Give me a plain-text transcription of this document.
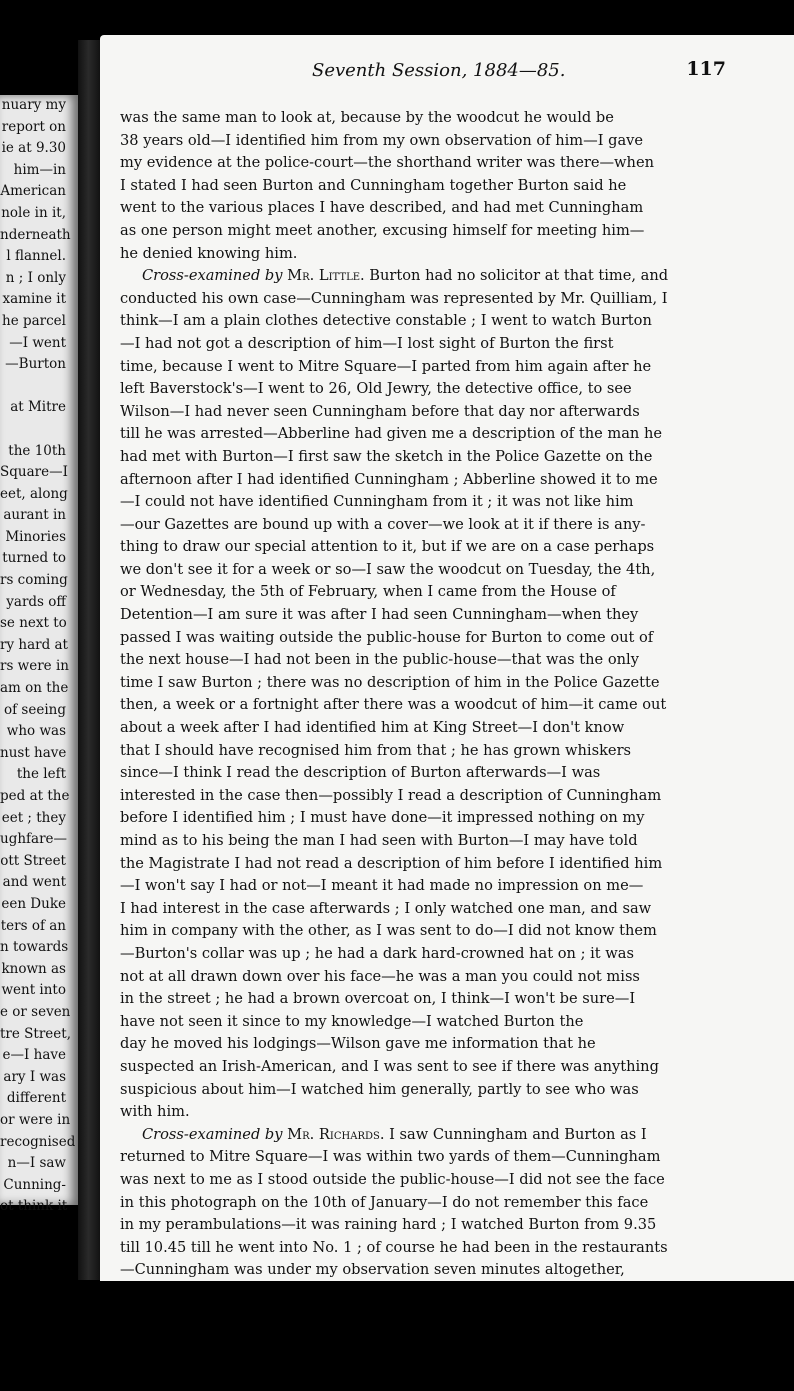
nuary my
report on
ie at 9.30
him—in
American
nole in it,
nderneath
l flannel.
n ; I only
xamine it
he parcel
—I went
—Burton
at Mitre
the 10th
Square—I
eet, along
aurant in
Minories
turned to
rs coming
yards off
se next to
ry hard at
rs were in
am on the
of seeing
who was
nust have
the left
ped at the
eet ; they
ughfare—
ott Street
and went
een Duke
ters of an
n towards
known as
went into
e or seven
tre Street,
e—I have
ary I was
different
or were in
recognised
n—I saw
Cunning-
ot think it
Seventh Session, 1884—85.	117

was the same man to look at, because by the woodcut he would be
38 years old—I identified him from my own observation of him—I gave
my evidence at the police-court—the shorthand writer was there—when
I stated I had seen Burton and Cunningham together Burton said he
went to the various places I have described, and had met Cunningham
as one person might meet another, excusing himself for meeting him—
he denied knowing him.

Cross-examined by Mr. Little. Burton had no solicitor at that time, and
conducted his own case—Cunningham was represented by Mr. Quilliam, I
think—I am a plain clothes detective constable ; I went to watch Burton
—I had not got a description of him—I lost sight of Burton the first
time, because I went to Mitre Square—I parted from him again after he
left Baverstock's—I went to 26, Old Jewry, the detective office, to see
Wilson—I had never seen Cunningham before that day nor afterwards
till he was arrested—Abberline had given me a description of the man he
had met with Burton—I first saw the sketch in the Police Gazette on the
afternoon after I had identified Cunningham ; Abberline showed it to me
—I could not have identified Cunningham from it ; it was not like him
—our Gazettes are bound up with a cover—we look at it if there is any-
thing to draw our special attention to it, but if we are on a case perhaps
we don't see it for a week or so—I saw the woodcut on Tuesday, the 4th,
or Wednesday, the 5th of February, when I came from the House of
Detention—I am sure it was after I had seen Cunningham—when they
passed I was waiting outside the public-house for Burton to come out of
the next house—I had not been in the public-house—that was the only
time I saw Burton ; there was no description of him in the Police Gazette
then, a week or a fortnight after there was a woodcut of him—it came out
about a week after I had identified him at King Street—I don't know
that I should have recognised him from that ; he has grown whiskers
since—I think I read the description of Burton afterwards—I was
interested in the case then—possibly I read a description of Cunningham
before I identified him ; I must have done—it impressed nothing on my
mind as to his being the man I had seen with Burton—I may have told
the Magistrate I had not read a description of him before I identified him
—I won't say I had or not—I meant it had made no impression on me—
I had interest in the case afterwards ; I only watched one man, and saw
him in company with the other, as I was sent to do—I did not know them
—Burton's collar was up ; he had a dark hard-crowned hat on ; it was
not at all drawn down over his face—he was a man you could not miss
in the street ; he had a brown overcoat on, I think—I won't be sure—I
have not seen it since to my knowledge—I watched Burton the
day he moved his lodgings—Wilson gave me information that he
suspected an Irish-American, and I was sent to see if there was anything
suspicious about him—I watched him generally, partly to see who was
with him.

Cross-examined by Mr. Richards. I saw Cunningham and Burton as I
returned to Mitre Square—I was within two yards of them—Cunningham
was next to me as I stood outside the public-house—I did not see the face
in this photograph on the 10th of January—I do not remember this face
in my perambulations—it was raining hard ; I watched Burton from 9.35
till 10.45 till he went into No. 1 ; of course he had been in the restaurants
—Cunningham was under my observation seven minutes altogether,
